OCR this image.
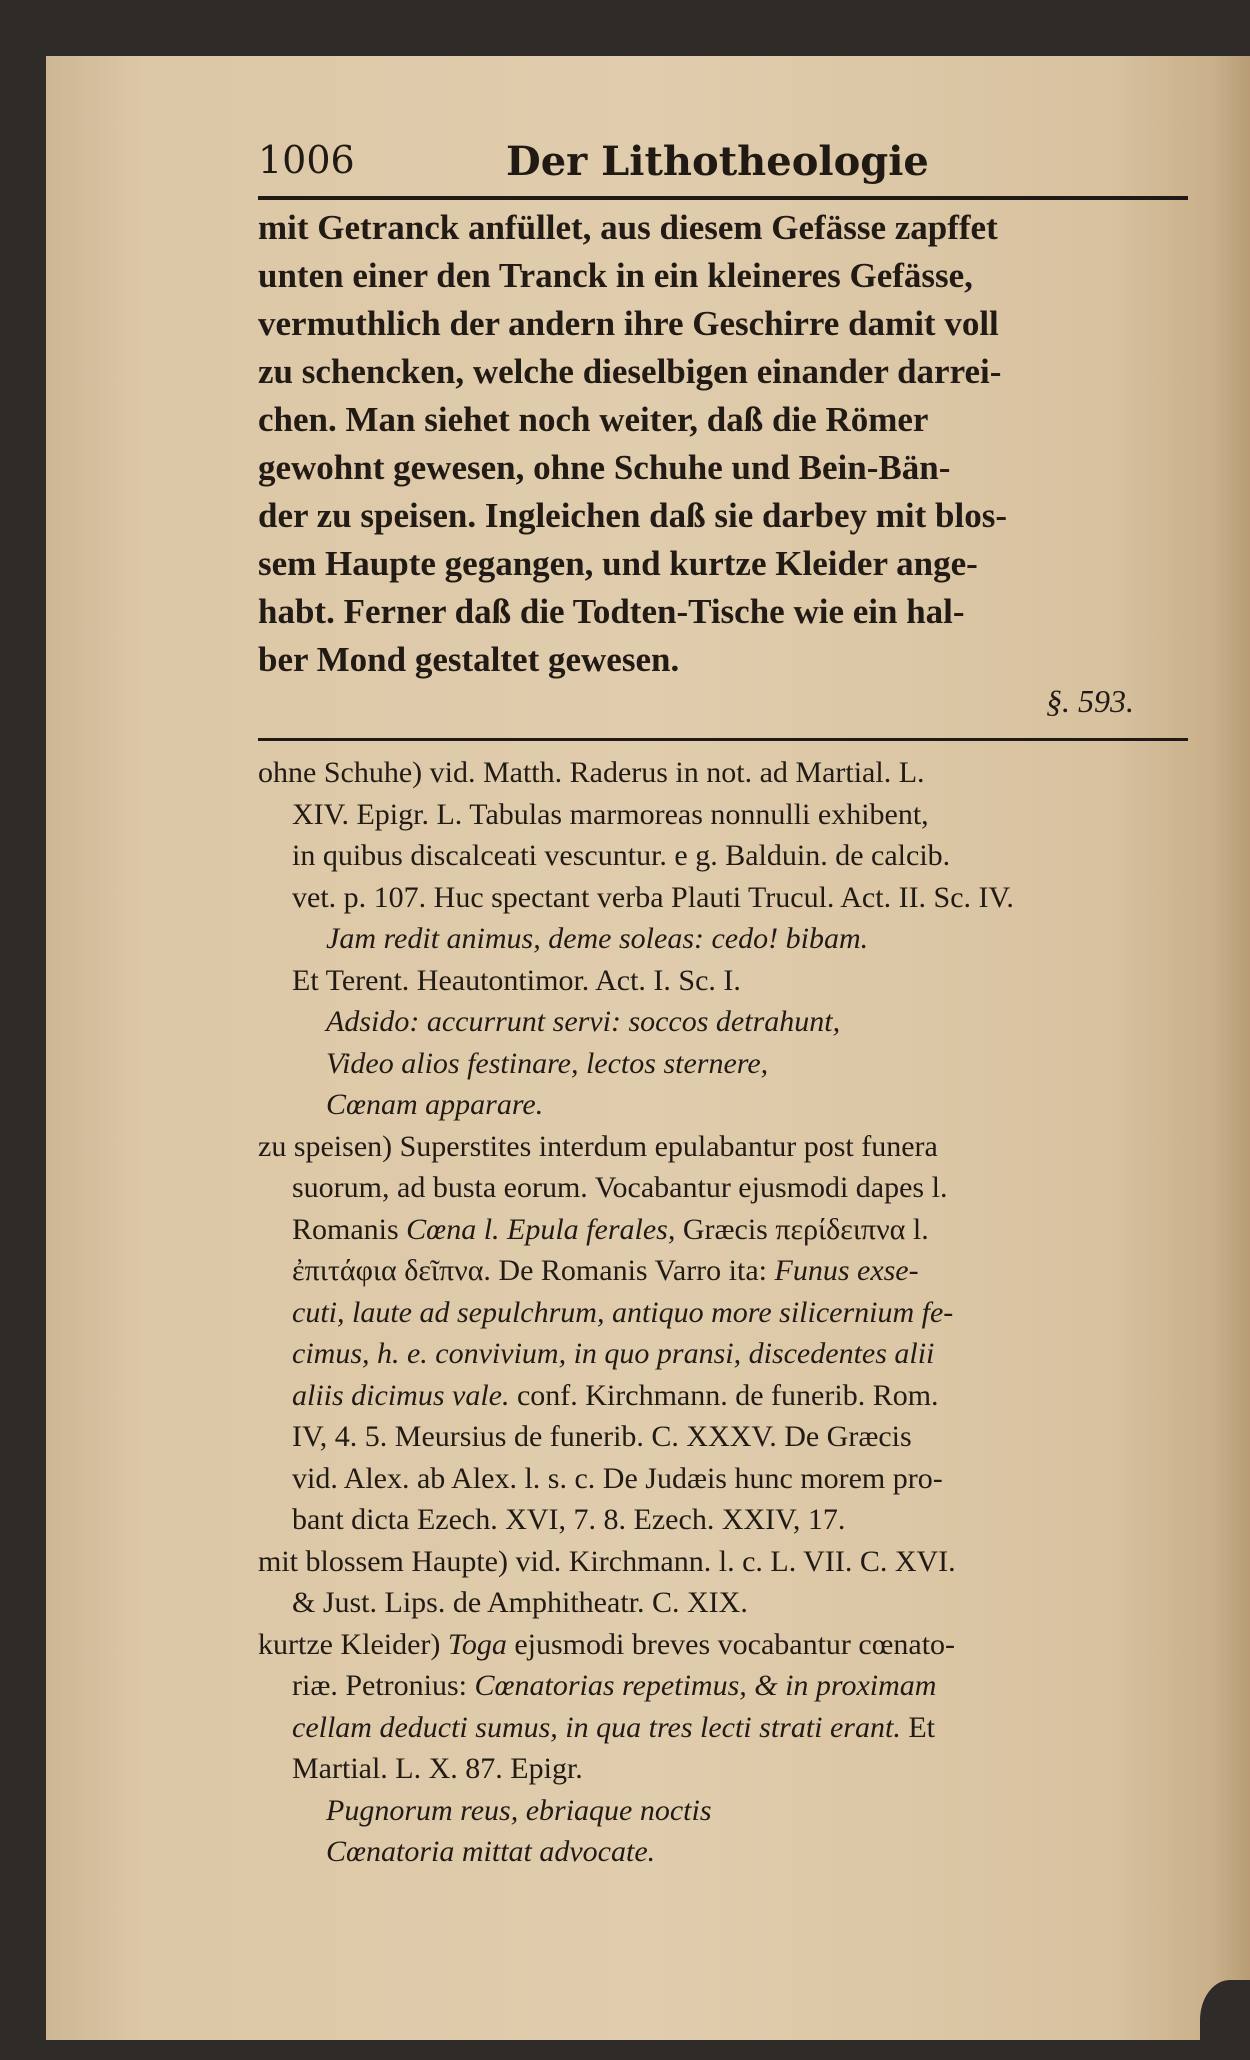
1006	Der Lithotheologie
mit Getranck anfüllet, aus diesem Gefässe zapffet
unten einer den Tranck in ein kleineres Gefässe,
vermuthlich der andern ihre Geschirre damit voll
zu schencken, welche dieselbigen einander darrei-
chen. Man siehet noch weiter, daß die Römer
gewohnt gewesen, ohne Schuhe und Bein-Bän-
der zu speisen. Ingleichen daß sie darbey mit blos-
sem Haupte gegangen, und kurtze Kleider ange-
habt. Ferner daß die Todten-Tische wie ein hal-
ber Mond gestaltet gewesen.
§. 593.
ohne Schuhe) vid. Matth. Raderus in not. ad Martial. L.
XIV. Epigr. L. Tabulas marmoreas nonnulli exhibent,
in quibus discalceati vescuntur. e g. Balduin. de calcib.
vet. p. 107. Huc spectant verba Plauti Trucul. Act. II. Sc. IV.
Jam redit animus, deme soleas: cedo! bibam.
Et Terent. Heautontimor. Act. I. Sc. I.
Adsido: accurrunt servi: soccos detrahunt,
Video alios festinare, lectos sternere,
Cœnam apparare.
zu speisen) Superstites interdum epulabantur post funera
suorum, ad busta eorum. Vocabantur ejusmodi dapes l.
Romanis Cœna l. Epula ferales, Græcis περίδειπνα l.
ἐπιτάφια δεῖπνα. De Romanis Varro ita: Funus exse-
cuti, laute ad sepulchrum, antiquo more silicernium fe-
cimus, h. e. convivium, in quo pransi, discedentes alii
aliis dicimus vale. conf. Kirchmann. de funerib. Rom.
IV, 4. 5. Meursius de funerib. C. XXXV. De Græcis
vid. Alex. ab Alex. l. s. c. De Judæis hunc morem pro-
bant dicta Ezech. XVI, 7. 8. Ezech. XXIV, 17.
mit blossem Haupte) vid. Kirchmann. l. c. L. VII. C. XVI.
& Just. Lips. de Amphitheatr. C. XIX.
kurtze Kleider) Toga ejusmodi breves vocabantur cœnato-
riæ. Petronius: Cœnatorias repetimus, & in proximam
cellam deducti sumus, in qua tres lecti strati erant. Et
Martial. L. X. 87. Epigr.
Pugnorum reus, ebriaque noctis
Cœnatoria mittat advocate.
